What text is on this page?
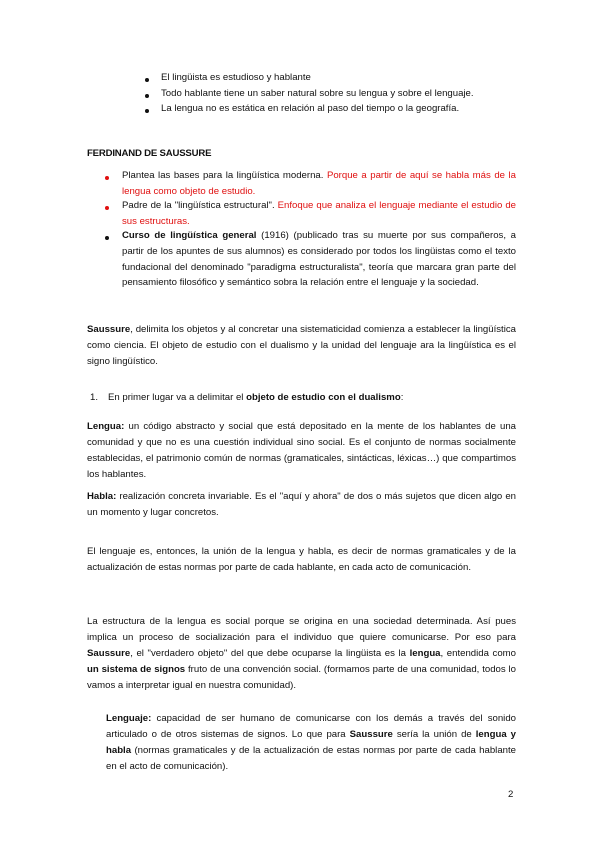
El lingüista es estudioso y hablante
Todo hablante tiene un saber natural sobre su lengua y sobre el lenguaje.
La lengua no es estática en relación al paso del tiempo o la geografía.
FERDINAND DE SAUSSURE
Plantea las bases para la lingüística moderna. Porque a partir de aquí se habla más de la lengua como objeto de estudio.
Padre de la "lingüística estructural". Enfoque que analiza el lenguaje mediante el estudio de sus estructuras.
Curso de lingüística general (1916) (publicado tras su muerte por sus compañeros, a partir de los apuntes de sus alumnos) es considerado por todos los lingüistas como el texto fundacional del denominado "paradigma estructuralista", teoría que marcara gran parte del pensamiento filosófico y semántico sobra la relación entre el lenguaje y la sociedad.
Saussure, delimita los objetos y al concretar una sistematicidad comienza a establecer la lingüística como ciencia. El objeto de estudio con el dualismo y la unidad del lenguaje ara la lingüística es el signo lingüístico.
1. En primer lugar va a delimitar el objeto de estudio con el dualismo:
Lengua: un código abstracto y social que está depositado en la mente de los hablantes de una comunidad y que no es una cuestión individual sino social. Es el conjunto de normas socialmente establecidas, el patrimonio común de normas (gramaticales, sintácticas, léxicas…) que compartimos los hablantes.
Habla: realización concreta invariable. Es el "aquí y ahora" de dos o más sujetos que dicen algo en un momento y lugar concretos.
El lenguaje es, entonces, la unión de la lengua y habla, es decir de normas gramaticales y de la actualización de estas normas por parte de cada hablante, en cada acto de comunicación.
La estructura de la lengua es social porque se origina en una sociedad determinada. Así pues implica un proceso de socialización para el individuo que quiere comunicarse. Por eso para Saussure, el "verdadero objeto" del que debe ocuparse la lingüista es la lengua, entendida como un sistema de signos fruto de una convención social. (formamos parte de una comunidad, todos lo vamos a interpretar igual en nuestra comunidad).
Lenguaje: capacidad de ser humano de comunicarse con los demás a través del sonido articulado o de otros sistemas de signos. Lo que para Saussure sería la unión de lengua y habla (normas gramaticales y de la actualización de estas normas por parte de cada hablante en el acto de comunicación).
2
